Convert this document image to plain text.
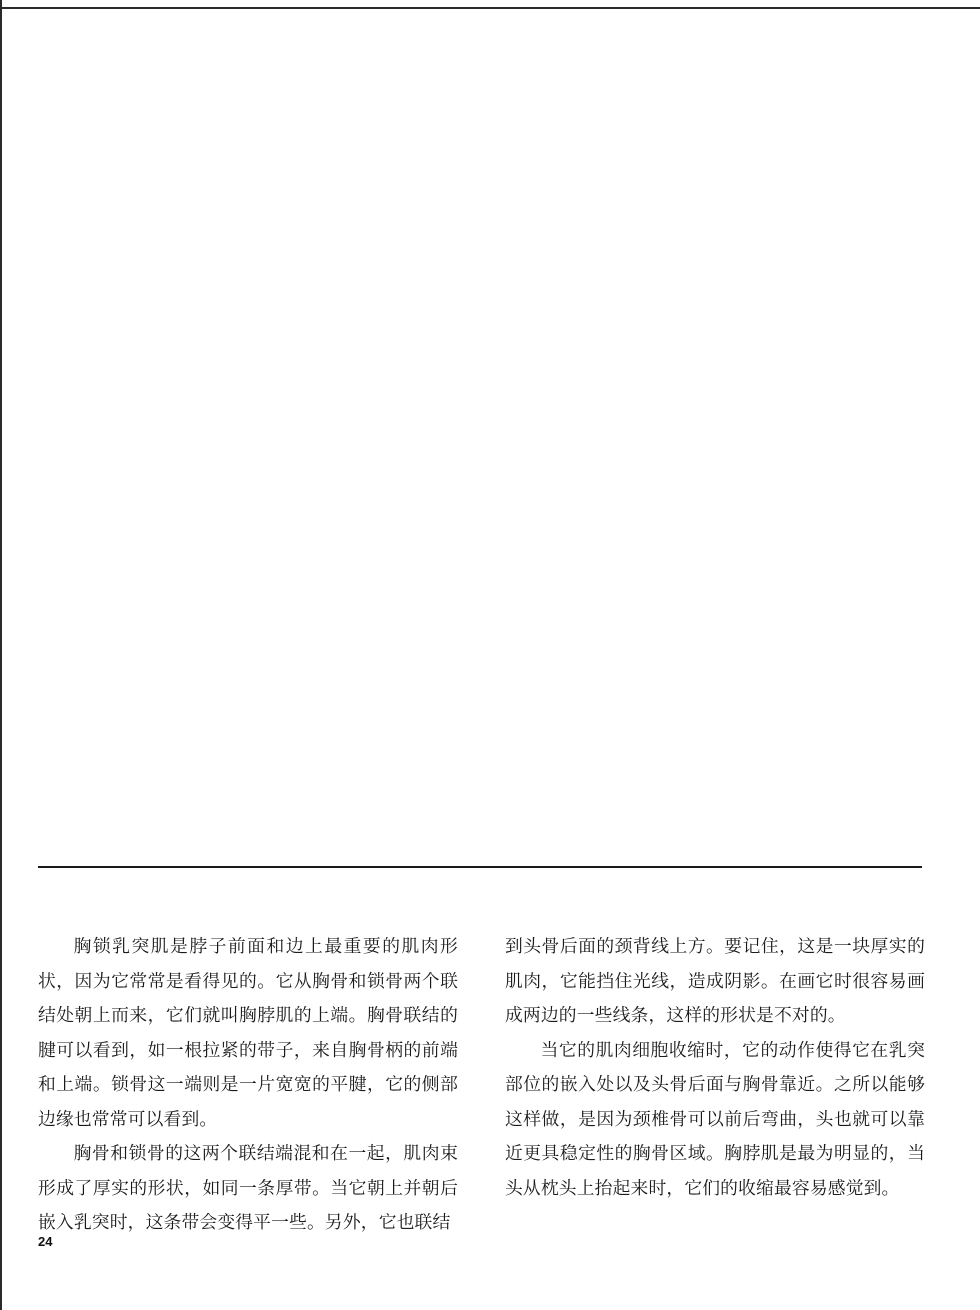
胸锁乳突肌是脖子前面和边上最重要的肌肉形状，因为它常常是看得见的。它从胸骨和锁骨两个联结处朝上而来，它们就叫胸脖肌的上端。胸骨联结的腱可以看到，如一根拉紧的带子，来自胸骨柄的前端和上端。锁骨这一端则是一片宽宽的平腱，它的侧部边缘也常常可以看到。

胸骨和锁骨的这两个联结端混和在一起，肌肉束形成了厚实的形状，如同一条厚带。当它朝上并朝后嵌入乳突时，这条带会变得平一些。另外，它也联结

到头骨后面的颈背线上方。要记住，这是一块厚实的肌肉，它能挡住光线，造成阴影。在画它时很容易画成两边的一些线条，这样的形状是不对的。

当它的肌肉细胞收缩时，它的动作使得它在乳突部位的嵌入处以及头骨后面与胸骨靠近。之所以能够这样做，是因为颈椎骨可以前后弯曲，头也就可以靠近更具稳定性的胸骨区域。胸脖肌是最为明显的，当头从枕头上抬起来时，它们的收缩最容易感觉到。

24
